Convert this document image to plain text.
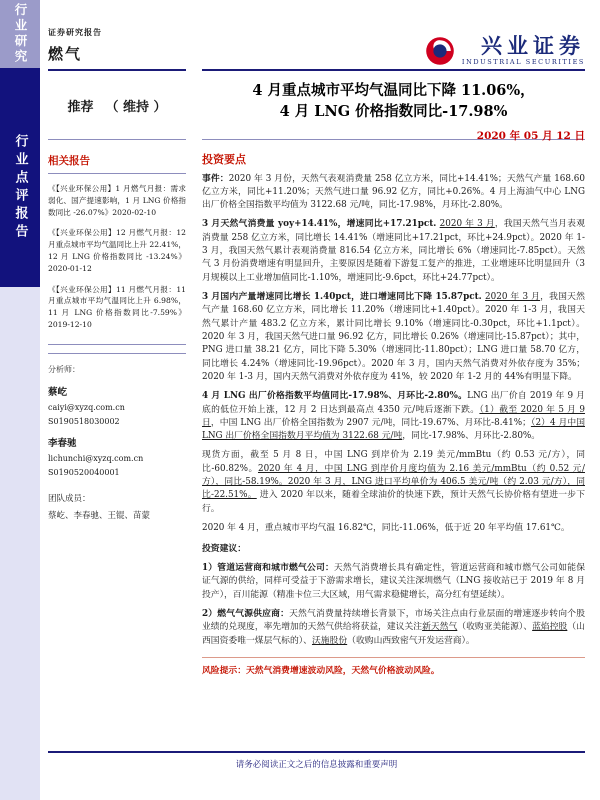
行业研究
行业点评报告
证券研究报告
燃气	兴业证券
INDUSTRIAL SECURITIES
推荐 （ 维持 ）
4 月重点城市平均气温同比下降 11.06%，
4 月 LNG 价格指数同比-17.98%
2020 年 05 月 12 日
相关报告
《【兴业环保公用】1 月燃气月报：需求弱化、国产提速影响，1 月 LNG 价格指数同比 -26.07%》2020-02-10
《【兴业环保公用】12 月燃气月报：12 月重点城市平均气温同比上升 22.41%，12 月 LNG 价格指数同比 -13.24%》2020-01-12
《【兴业环保公用】11 月燃气月报：11 月重点城市平均气温同比上升 6.98%，11 月 LNG 价格指数同比-7.59%》2019-12-10
分析师：
蔡屹
caiyi@xyzq.com.cn
S0190518030002
李春驰
lichunchi@xyzq.com.cn
S0190520040001
团队成员：
蔡屹、李春驰、王锟、苗蒙
投资要点

事件：2020 年 3 月份，天然气表观消费量 258 亿立方米，同比+14.41%；天然气产量 168.60 亿立方米，同比+11.20%；天然气进口量 96.92 亿方，同比+0.26%。4 月上海油气中心 LNG 出厂价格全国指数平均值为 3122.68 元/吨，同比-17.98%，月环比-2.80%。

3 月天然气消费量 yoy+14.41%，增速同比+17.21pct. 2020 年 3 月，我国天然气当月表观消费量 258 亿立方米，同比增长 14.41%（增速同比+17.21pct，环比+24.9pct）。2020 年 1-3 月，我国天然气累计表观消费量 816.54 亿立方米，同比增长 6%（增速同比-7.85pct）。天然气 3 月份消费增速有明显回升，主要原因是随着下游复工复产的推进，工业增速环比明显回升（3 月规模以上工业增加值同比-1.10%，增速同比-9.6pct，环比+24.77pct）。

3 月国内产量增速同比增长 1.40pct，进口增速同比下降 15.87pct. 2020 年 3 月，我国天然气产量 168.60 亿立方米，同比增长 11.20%（增速同比+1.40pct）。2020 年 1-3 月，我国天然气累计产量 483.2 亿立方米，累计同比增长 9.10%（增速同比-0.30pct，环比+1.1pct）。2020 年 3 月，我国天然气进口量 96.92 亿方，同比增长 0.26%（增速同比-15.87pct）；其中，PNG 进口量 38.21 亿方，同比下降 5.30%（增速同比-11.80pct）；LNG 进口量 58.70 亿方，同比增长 4.24%（增速同比-19.96pct）。2020 年 3 月，国内天然气消费对外依存度为 35%；2020 年 1-3 月，国内天然气消费对外依存度为 41%，较 2020 年 1-2 月的 44%有明显下降。

4 月 LNG 出厂价格指数平均值同比-17.98%、月环比-2.80%。LNG 出厂价自 2019 年 9 月底的低位开始上涨，12 月 2 日达到最高点 4350 元/吨后逐渐下跌。（1）截至 2020 年 5 月 9 日，中国 LNG 出厂价格全国指数为 2907 元/吨，同比-19.67%、月环比-8.41%；（2）4 月中国 LNG 出厂价格全国指数月平均值为 3122.68 元/吨，同比-17.98%、月环比-2.80%。

现货方面，截至 5 月 8 日，中国 LNG 到岸价为 2.19 美元/mmBtu（约 0.53 元/方），同比-60.82%。2020 年 4 月，中国 LNG 到岸价月度均值为 2.16 美元/mmBtu（约 0.52 元/方），同比-58.19%。2020 年 3 月，LNG 进口平均单价为 406.5 美元/吨（约 2.03 元/方），同比-22.51%。 进入 2020 年以来，随着全球油价的快速下跌，预计天然气长协价格有望进一步下行。

2020 年 4 月，重点城市平均气温 16.82℃，同比-11.06%，低于近 20 年平均值 17.61℃。

投资建议：

1）管道运营商和城市燃气公司：天然气消费增长具有确定性，管道运营商和城市燃气公司如能保证气源的供给，同样可受益于下游需求增长，建议关注深圳燃气（LNG 接收站已于 2019 年 8 月投产），百川能源（精准卡位三大区域，用气需求稳健增长，高分红有望延续）。

2）燃气气源供应商：天然气消费量持续增长背景下，市场关注点由行业层面的增速逐步转向个股业绩的兑现度，率先增加的天然气供给将获益，建议关注新天然气（收购亚美能源）、蓝焰控股（山西国资委唯一煤层气标的）、沃施股份（收购山西致密气开发运营商）。

风险提示：天然气消费增速波动风险，天然气价格波动风险。

请务必阅读正文之后的信息披露和重要声明
